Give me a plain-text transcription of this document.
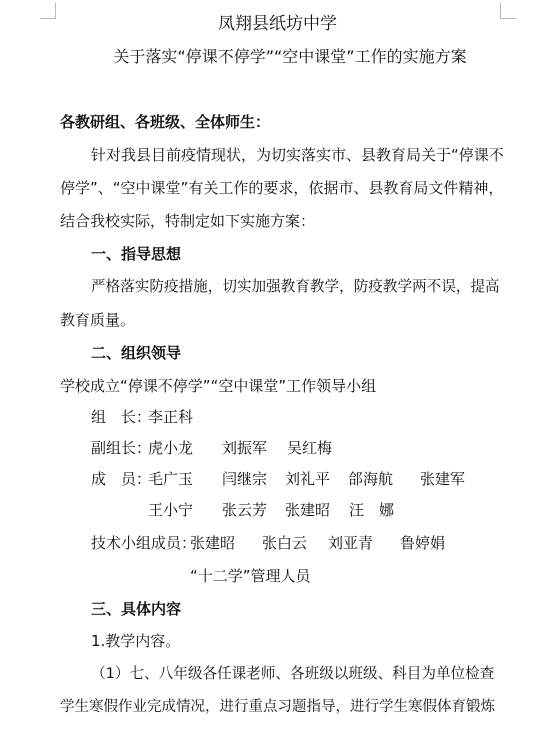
凤翔县纸坊中学
关于落实“停课不停学”“空中课堂”工作的实施方案
各教研组、各班级、全体师生：
针对我县目前疫情现状，为切实落实市、县教育局关于“停课不
停学”、“空中课堂”有关工作的要求，依据市、县教育局文件精神，
结合我校实际，特制定如下实施方案：
一、指导思想
严格落实防疫措施，切实加强教育教学，防疫教学两不误，提高
教育质量。
二、组织领导
学校成立“停课不停学”“空中课堂”工作领导小组
组　长：
李正科
副组长：
虎小龙 刘振军 吴红梅
成　员：
毛广玉 闫继宗 刘礼平 郃海航 张建军
王小宁 张云芳 张建昭 汪　娜
技术小组成员：
张建昭 张白云 刘亚青 鲁婷娟
“十二学”管理人员
三、具体内容
1.教学内容。
（1）七、八年级各任课老师、各班级以班级、科目为单位检查
学生寒假作业完成情况，进行重点习题指导，进行学生寒假体育锻炼
